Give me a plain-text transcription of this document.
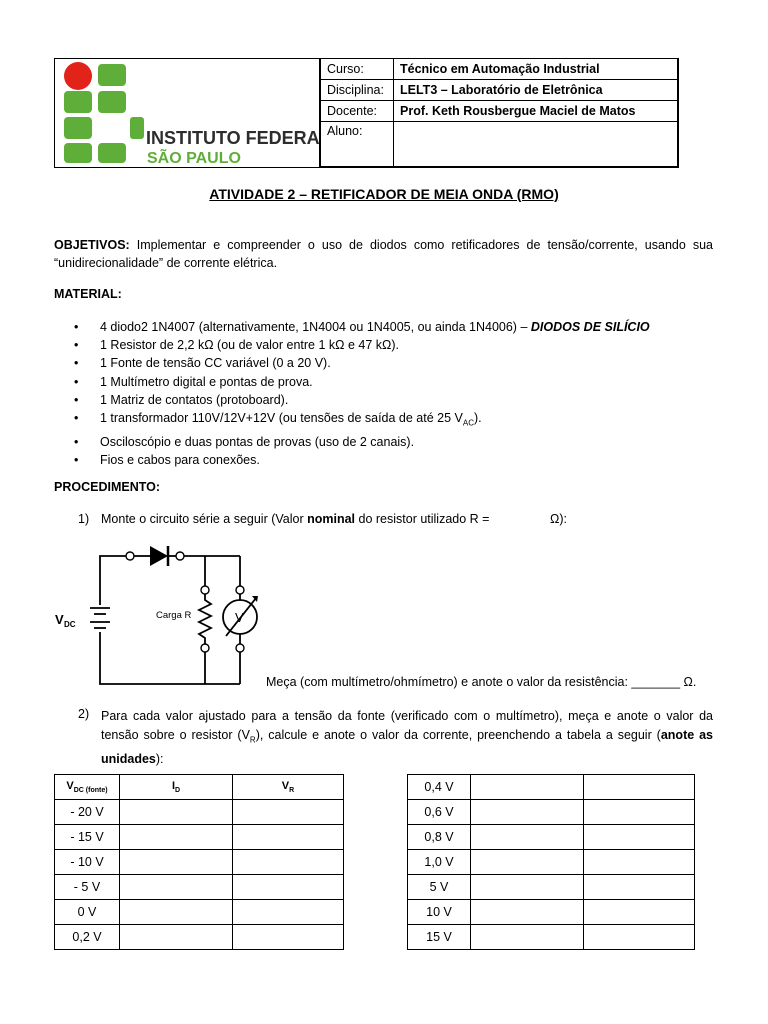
INSTITUTO FEDERAL
SÃO PAULO
Curso:	Técnico em Automação Industrial
Disciplina:	LELT3 – Laboratório de Eletrônica
Docente:	Prof. Keth Rousbergue Maciel de Matos
Aluno:	
ATIVIDADE 2 – RETIFICADOR DE MEIA ONDA (RMO)
OBJETIVOS: Implementar e compreender o uso de diodos como retificadores de tensão/corrente, usando sua “unidirecionalidade” de corrente elétrica.
MATERIAL:
• 4 diodo2 1N4007 (alternativamente, 1N4004 ou 1N4005, ou ainda 1N4006) – DIODOS DE SILÍCIO
• 1 Resistor de 2,2 kΩ (ou de valor entre 1 kΩ e 47 kΩ).
• 1 Fonte de tensão CC variável (0 a 20 V).
• 1 Multímetro digital e pontas de prova.
• 1 Matriz de contatos (protoboard).
• 1 transformador 110V/12V+12V (ou tensões de saída de até 25 $V_{AC}$).
• Osciloscópio e duas pontas de provas (uso de 2 canais).
• Fios e cabos para conexões.
PROCEDIMENTO:
1) Monte o circuito série a seguir (Valor nominal do resistor utilizado R =	Ω):
V DC
Carga R	V
Meça (com multímetro/ohmímetro) e anote o valor da resistência: _______ Ω.
2) Para cada valor ajustado para a tensão da fonte (verificado com o multímetro), meça e anote o valor da tensão sobre o resistor $(V_R)$, calcule e anote o valor da corrente, preenchendo a tabela a seguir (anote as unidades):
$V_{DC (fonte)}$	$I_D$	$V_R$
- 20 V		
- 15 V		
- 10 V		
- 5 V		
0 V		
0,2 V		
0,4 V		
0,6 V		
0,8 V		
1,0 V		
5 V		
10 V		
15 V		
